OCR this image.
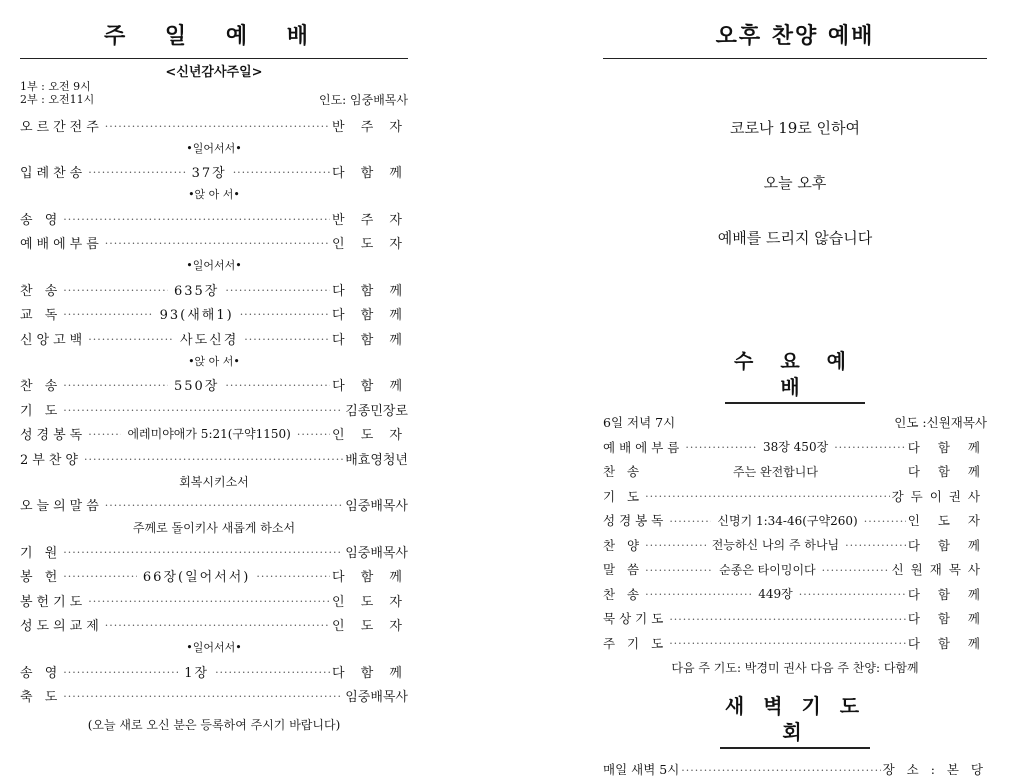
주 일 예 배
<신년감사주일>
1부 : 오전 9시
2부 : 오전11시	인도: 임중배목사
오르간전주 ·····	반 주 자
•일어서서•
입례찬송 ·····	37장 ·····	다 함 께
•앉 아 서•
송 영 ·····	반 주 자
예배에부름 ·····	인 도 자
•일어서서•
찬 송 ·····	635장 ·····	다 함 께
교 독 ·····	93(새해1) ·····	다 함 께
신앙고백 ·····	사도신경 ·····	다 함 께
•앉 아 서•
찬 송 ·····	550장 ·····	다 함 께
기 도 ·····	김종민장로
성경봉독 ·····	에레미야애가 5:21(구약1150) ·····	인 도 자
2부찬양 ·····	배효영청년
회복시키소서
오늘의말씀 ·····	임중배목사
주께로 돌이키사 새롭게 하소서
기 원 ·····	임중배목사
봉 헌 ·····	66장(일어서서) ·····	다 함 께
봉헌기도 ·····	인 도 자
성도의교제 ·····	인 도 자
•일어서서•
송 영 ·····	1장 ·····	다 함 께
축 도 ·····	임중배목사
(오늘 새로 오신 분은 등록하여 주시기 바랍니다)
오후 찬양 예배
코로나 19로 인하여
오늘 오후
예배를 드리지 않습니다
수 요 예 배
6일 저녁 7시	인도 :신원재목사
예배에부름 ·····	38장 450장 ·····	다 함 께
찬 송	주는 완전합니다	다 함 께
기 도 ·····	강두이권사
성경봉독 ·····	신명기 1:34-46(구약260) ·····	인 도 자
찬 양 ·····	전능하신 나의 주 하나님 ·····	다 함 께
말 씀 ·····	순종은 타이밍이다 ·····	신원재목사
찬 송 ·····	449장 ·····	다 함 께
묵상기도 ·····	다 함 께
주 기 도 ·····	다 함 께
다음 주 기도: 박경미 권사 다음 주 찬양: 다함께
새 벽 기 도 회
매일 새벽 5시 ·····	장 소 : 본 당
